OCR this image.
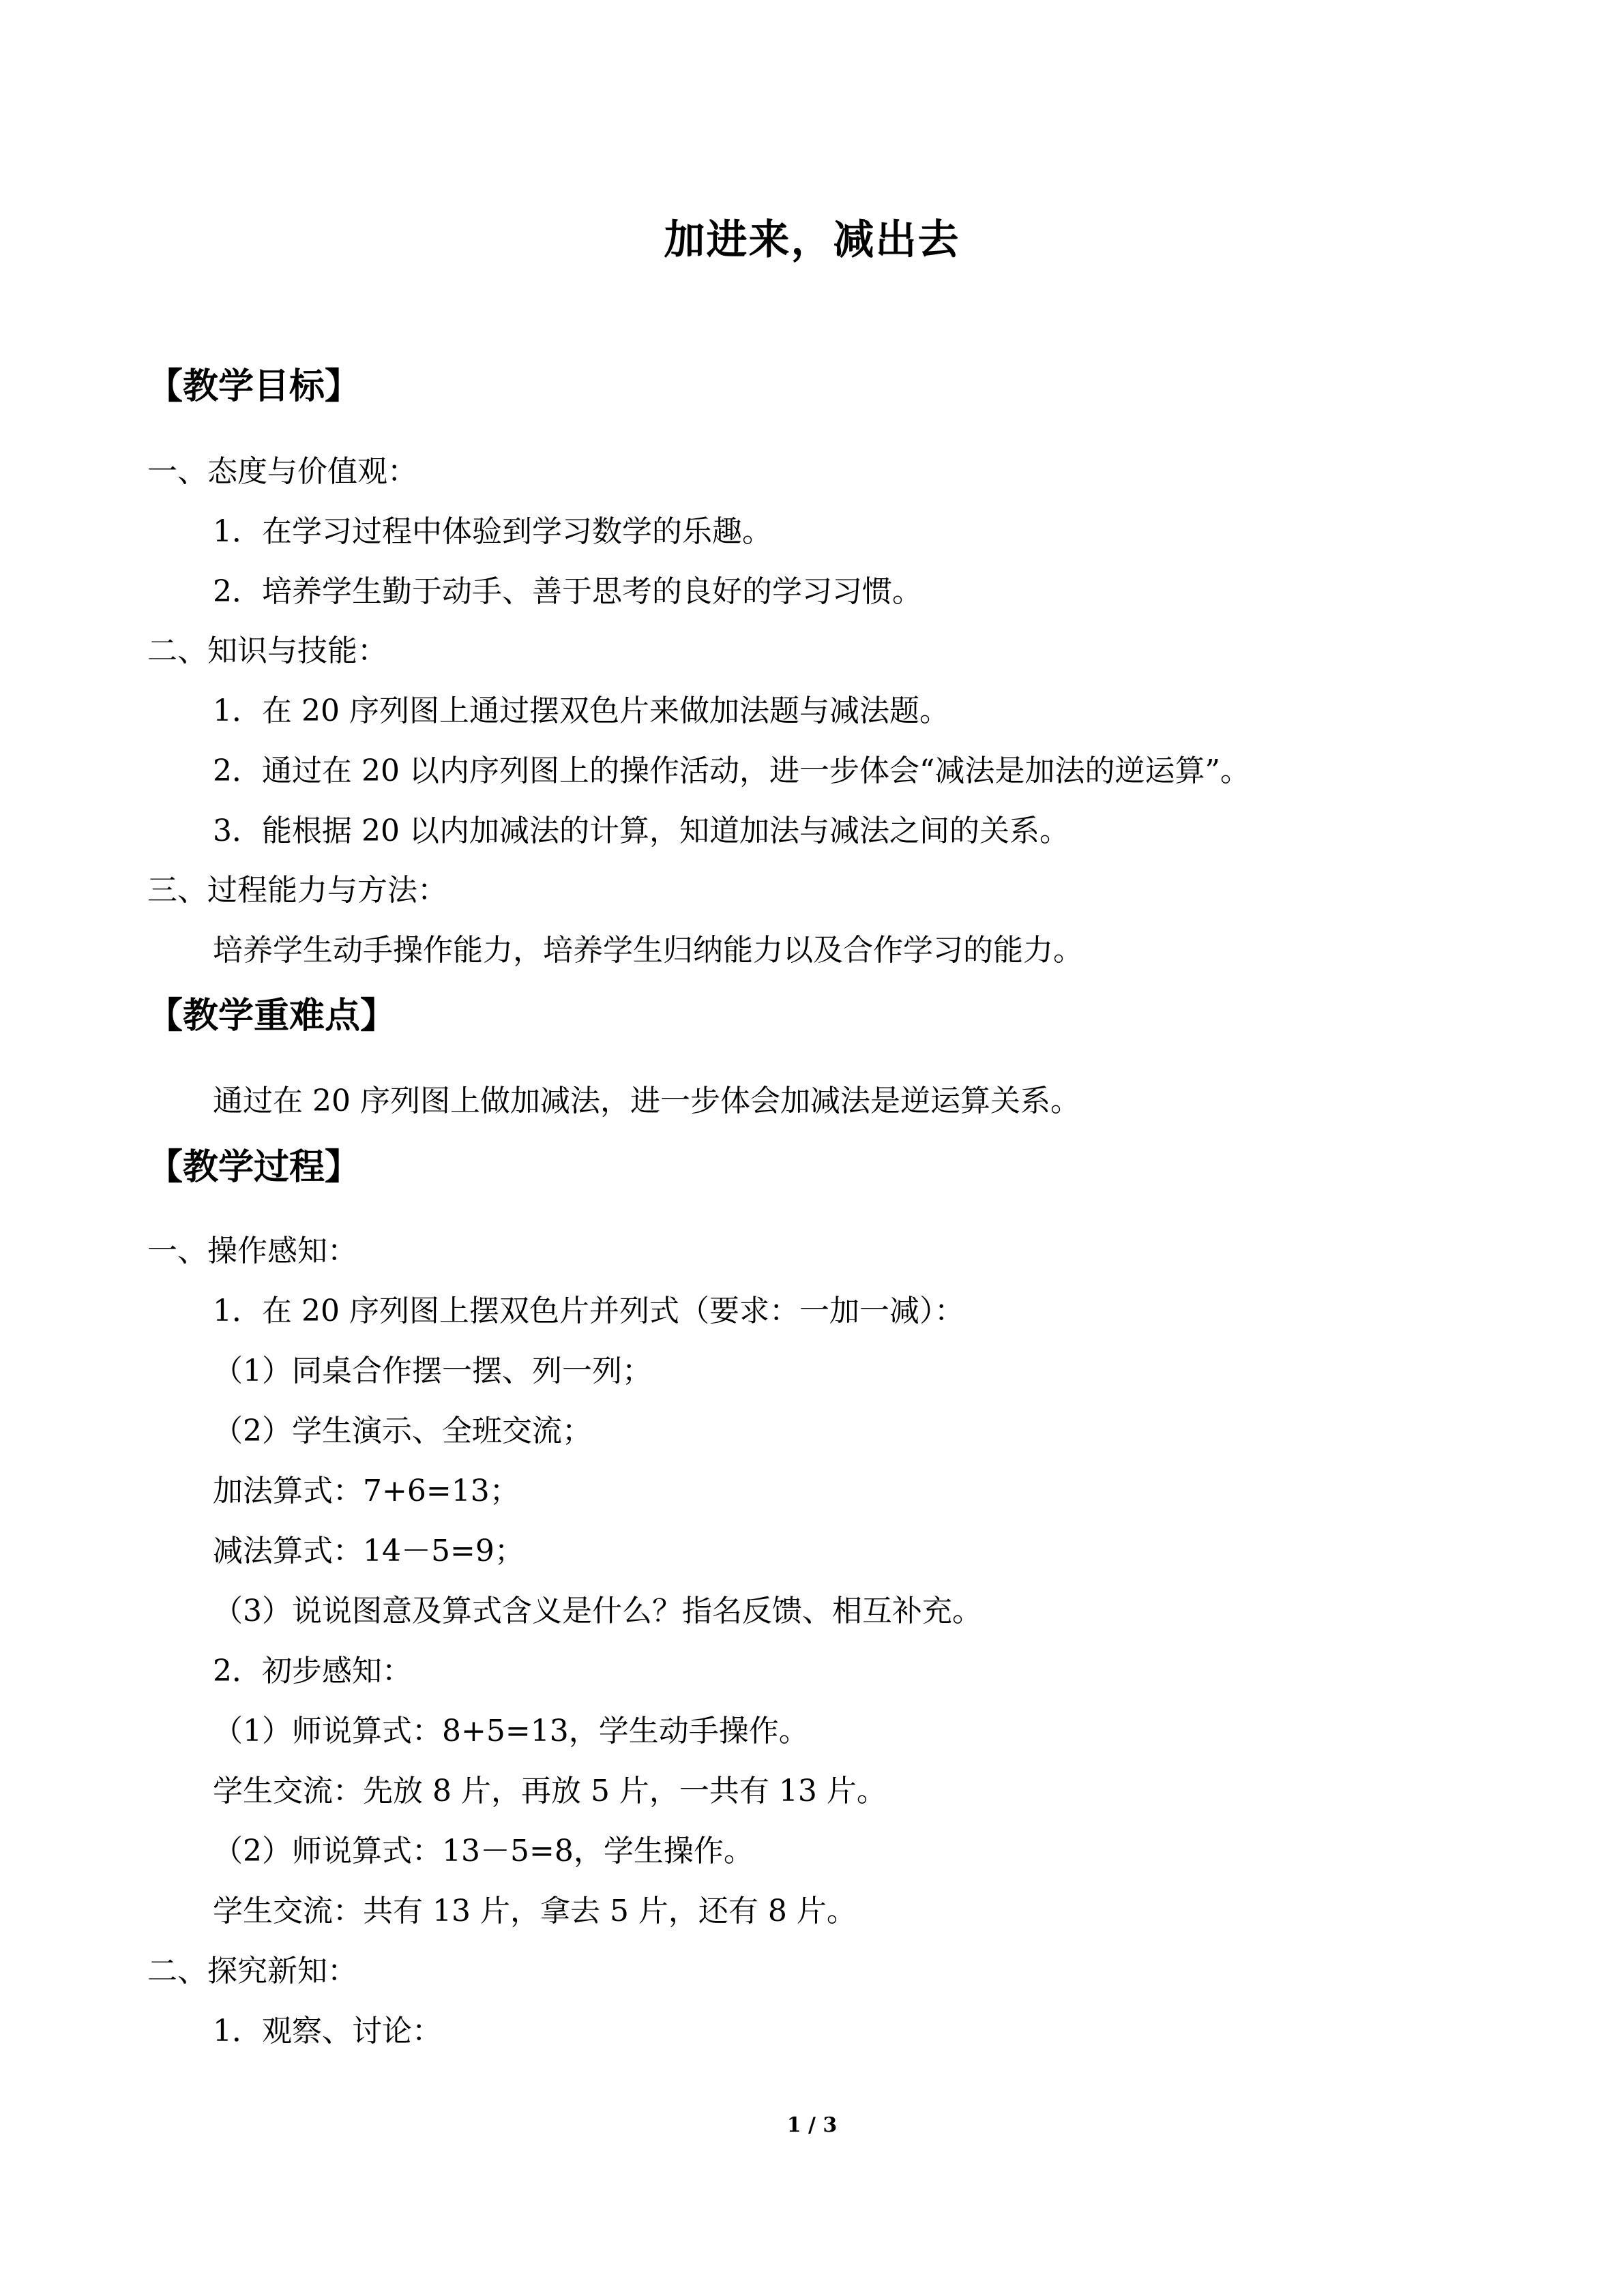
加进来，减出去
【教学目标】
一、态度与价值观：
1．在学习过程中体验到学习数学的乐趣。
2．培养学生勤于动手、善于思考的良好的学习习惯。
二、知识与技能：
1．在 20 序列图上通过摆双色片来做加法题与减法题。
2．通过在 20 以内序列图上的操作活动，进一步体会“减法是加法的逆运算”。
3．能根据 20 以内加减法的计算，知道加法与减法之间的关系。
三、过程能力与方法：
培养学生动手操作能力，培养学生归纳能力以及合作学习的能力。
【教学重难点】
通过在 20 序列图上做加减法，进一步体会加减法是逆运算关系。
【教学过程】
一、操作感知：
1．在 20 序列图上摆双色片并列式（要求：一加一减）：
（1）同桌合作摆一摆、列一列；
（2）学生演示、全班交流；
加法算式：7+6=13；
减法算式：14－5=9；
（3）说说图意及算式含义是什么？指名反馈、相互补充。
2．初步感知：
（1）师说算式：8+5=13，学生动手操作。
学生交流：先放 8 片，再放 5 片，一共有 13 片。
（2）师说算式：13－5=8，学生操作。
学生交流：共有 13 片，拿去 5 片，还有 8 片。
二、探究新知：
1．观察、讨论：
1 / 3
